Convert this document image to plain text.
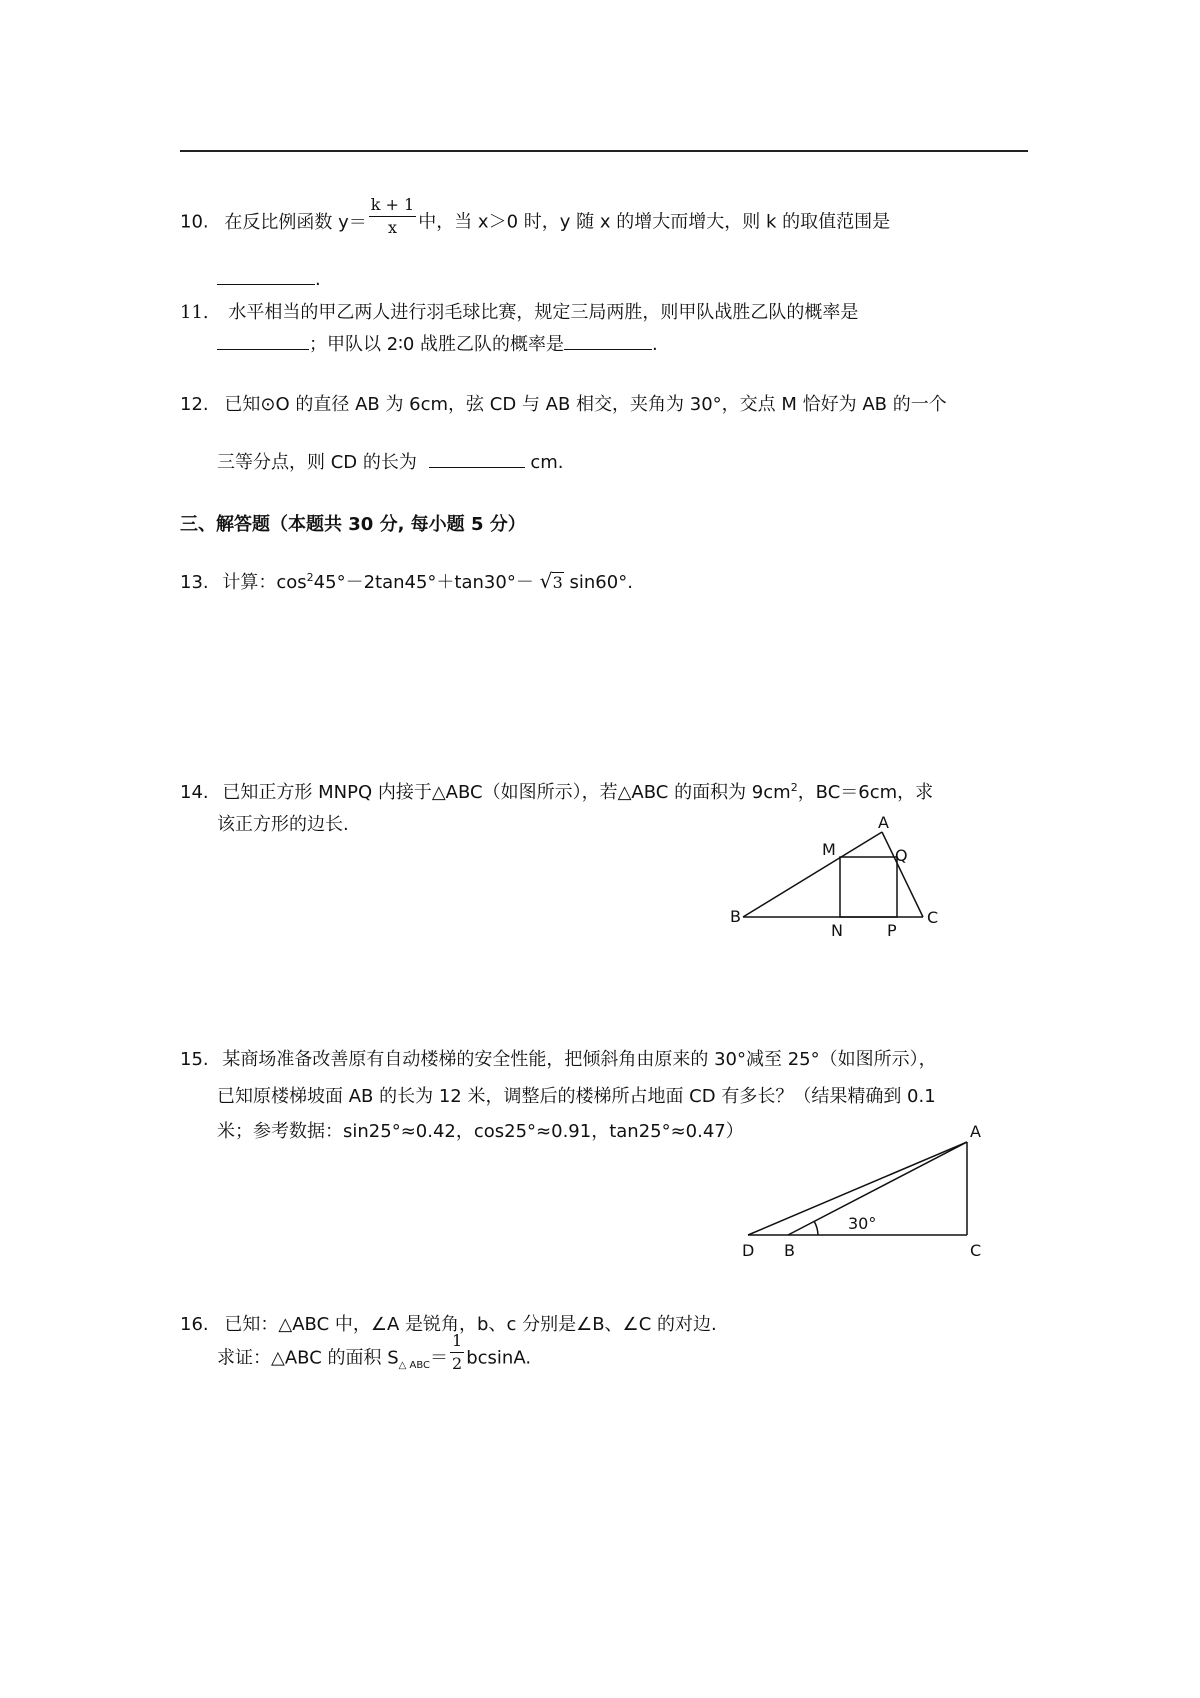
10. 在反比例函数 $y= \frac{k + 1}{x}$ 中，当 x＞0 时，y 随 x 的增大而增大，则 k 的取值范围是
.
11. 水平相当的甲乙两人进行羽毛球比赛，规定三局两胜，则甲队战胜乙队的概率是
；甲队以 2∶0 战胜乙队的概率是	.
12. 已知⊙O 的直径 AB 为 6cm，弦 CD 与 AB 相交，夹角为 30°，交点 M 恰好为 AB 的一个
三等分点，则 CD 的长为	cm.
三、解答题（本题共 30 分, 每小题 5 分）
13. 计算：$\cos^245^\circ-2\tan 45^\circ+\tan 30^\circ-$ √ 3 sin60°.
14. 已知正方形 MNPQ 内接于△ABC（如图所示），若△ABC 的面积为 $9cm^2$，BC＝6cm，求
该正方形的边长.	A
M	Q
B	C
N	P
15. 某商场准备改善原有自动楼梯的安全性能，把倾斜角由原来的 30°减至 25°（如图所示），
已知原楼梯坡面 AB 的长为 12 米，调整后的楼梯所占地面 CD 有多长？（结果精确到 0.1
米；参考数据：sin25°≈0.42，cos25°≈0.91，tan25°≈0.47）	A
D B	C
30°
16. 已知：△ABC 中，∠A 是锐角，b、c 分别是∠B、∠C 的对边.
求证：△ABC 的面积 $S_{\triangle ABC}= \frac{1}{2} bcsinA$.
